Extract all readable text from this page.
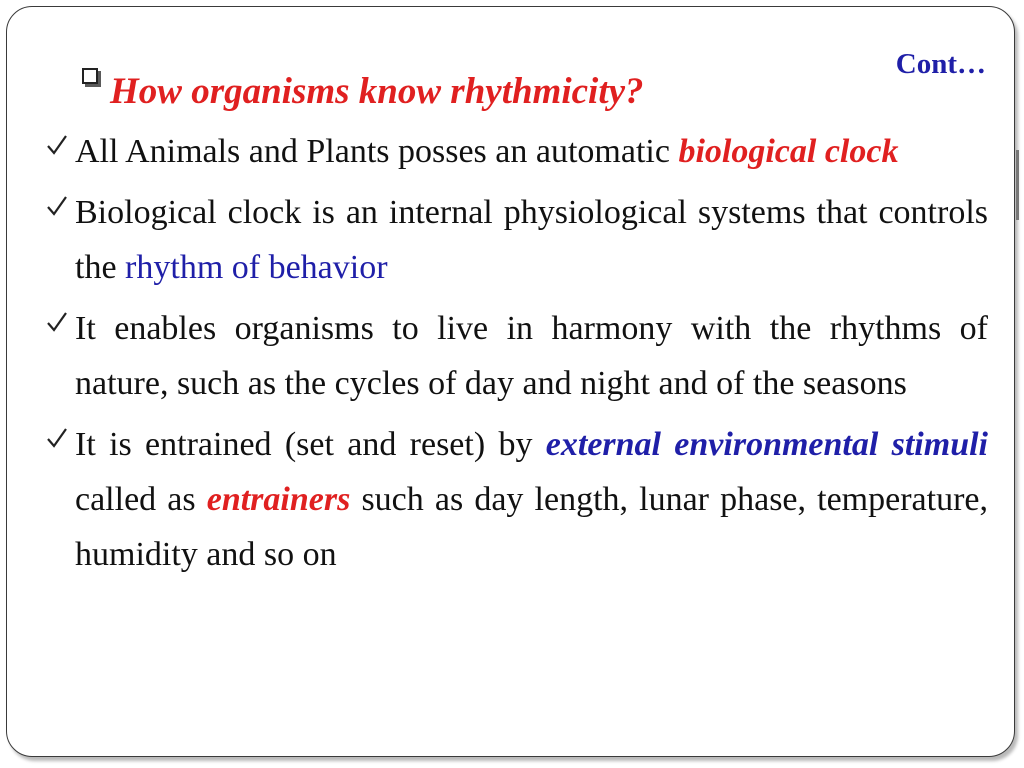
Cont…
How organisms know rhythmicity?
All Animals and Plants posses an automatic biological clock
Biological clock is an internal physiological systems that controls the rhythm of behavior
It enables organisms to live in harmony with the rhythms of nature, such as the cycles of day and night and of the seasons
It is entrained (set and reset) by external environmental stimuli called as entrainers such as day length, lunar phase, temperature, humidity and so on
